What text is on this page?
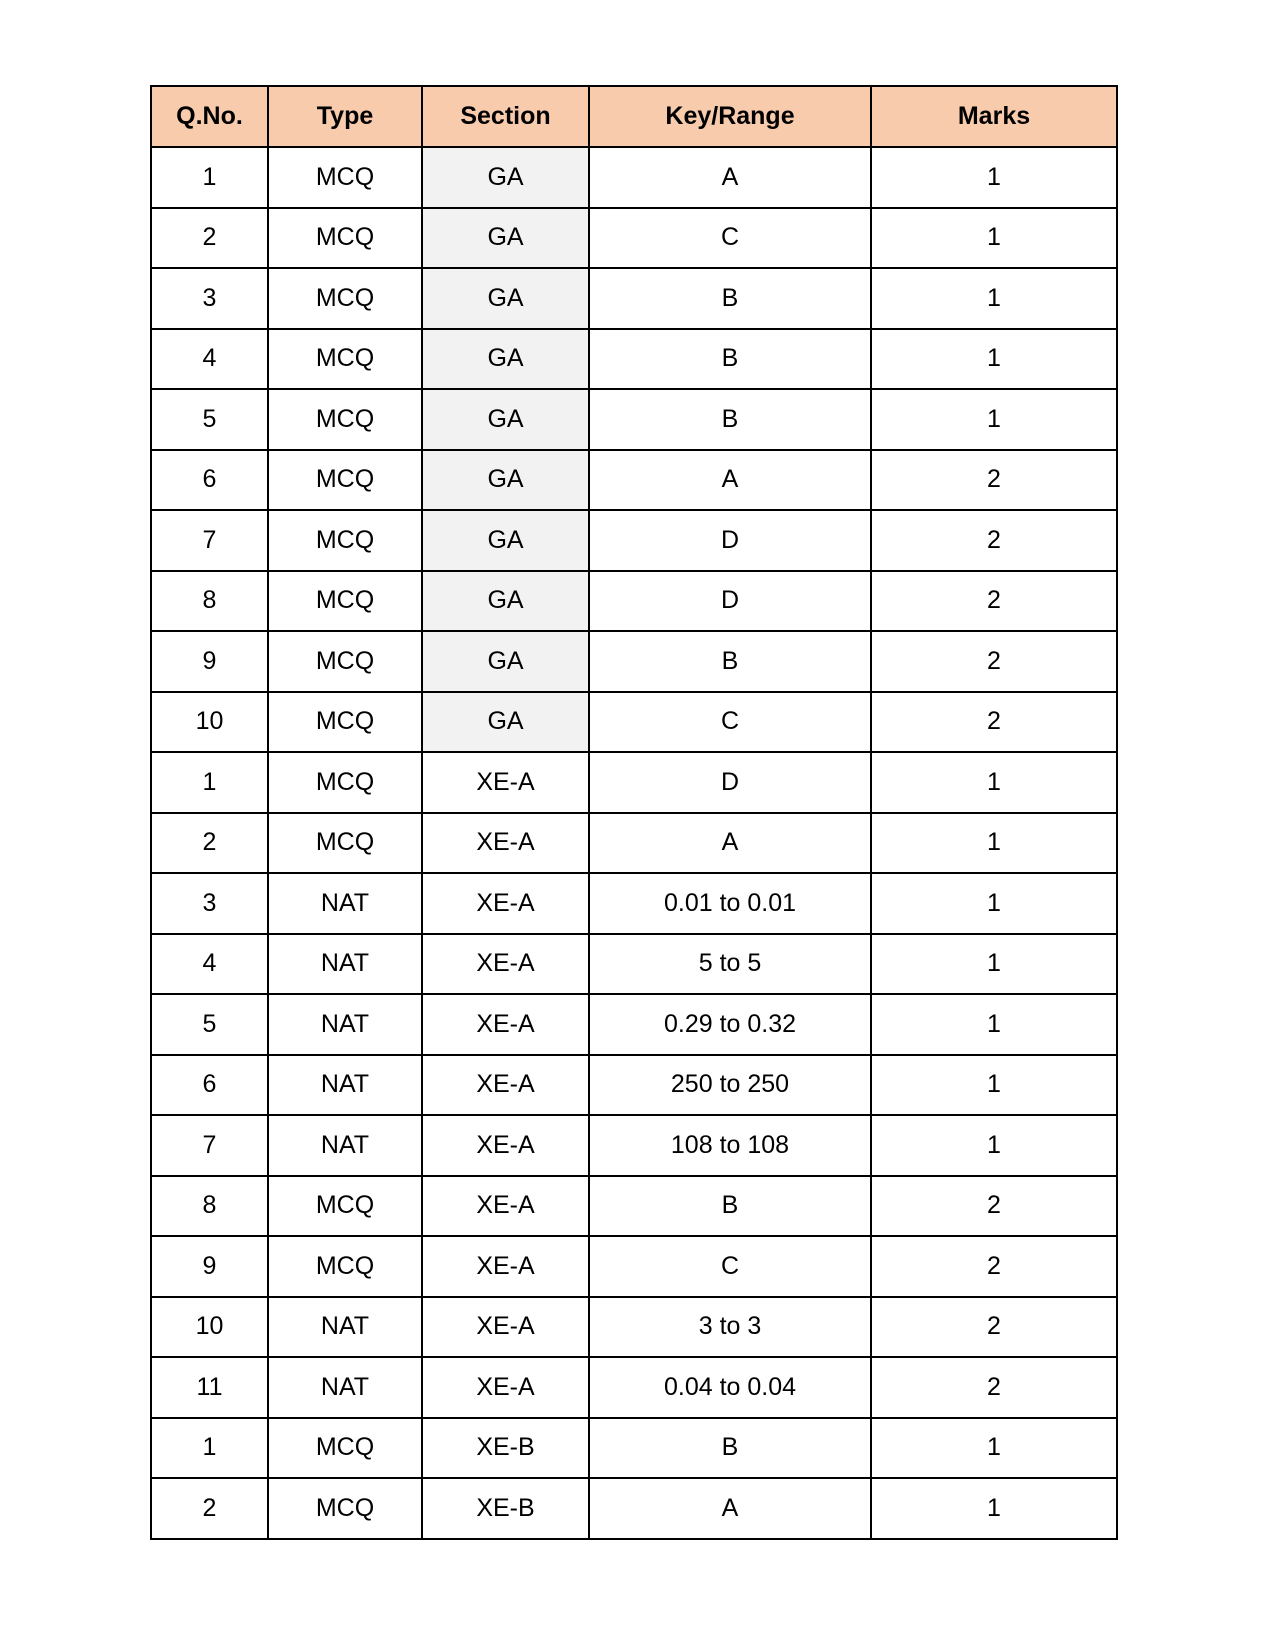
Q.No.	Type	Section	Key/Range	Marks
1	MCQ	GA	A	1
2	MCQ	GA	C	1
3	MCQ	GA	B	1
4	MCQ	GA	B	1
5	MCQ	GA	B	1
6	MCQ	GA	A	2
7	MCQ	GA	D	2
8	MCQ	GA	D	2
9	MCQ	GA	B	2
10	MCQ	GA	C	2
1	MCQ	XE-A	D	1
2	MCQ	XE-A	A	1
3	NAT	XE-A	0.01 to 0.01	1
4	NAT	XE-A	5 to 5	1
5	NAT	XE-A	0.29 to 0.32	1
6	NAT	XE-A	250 to 250	1
7	NAT	XE-A	108 to 108	1
8	MCQ	XE-A	B	2
9	MCQ	XE-A	C	2
10	NAT	XE-A	3 to 3	2
11	NAT	XE-A	0.04 to 0.04	2
1	MCQ	XE-B	B	1
2	MCQ	XE-B	A	1
